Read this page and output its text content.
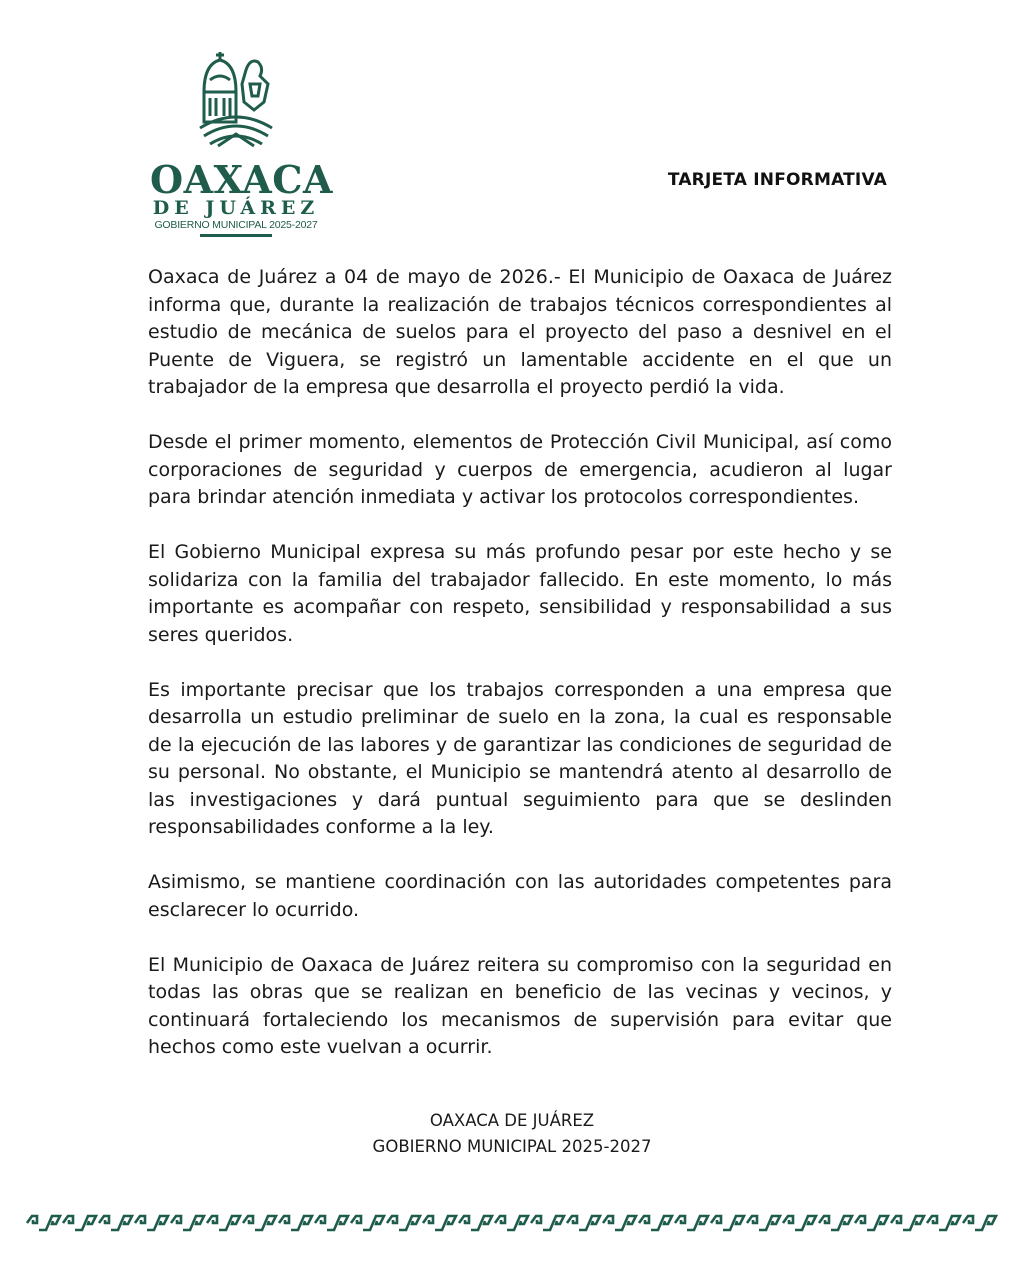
OAXACA
DE JUÁREZ
GOBIERNO MUNICIPAL 2025-2027
TARJETA INFORMATIVA

Oaxaca de Juárez a 04 de mayo de 2026.- El Municipio de Oaxaca de Juárez informa que, durante la realización de trabajos técnicos correspondientes al estudio de mecánica de suelos para el proyecto del paso a desnivel en el Puente de Viguera, se registró un lamentable accidente en el que un trabajador de la empresa que desarrolla el proyecto perdió la vida.

Desde el primer momento, elementos de Protección Civil Municipal, así como corporaciones de seguridad y cuerpos de emergencia, acudieron al lugar para brindar atención inmediata y activar los protocolos correspondientes.

El Gobierno Municipal expresa su más profundo pesar por este hecho y se solidariza con la familia del trabajador fallecido. En este momento, lo más importante es acompañar con respeto, sensibilidad y responsabilidad a sus seres queridos.

Es importante precisar que los trabajos corresponden a una empresa que desarrolla un estudio preliminar de suelo en la zona, la cual es responsable de la ejecución de las labores y de garantizar las condiciones de seguridad de su personal. No obstante, el Municipio se mantendrá atento al desarrollo de las investigaciones y dará puntual seguimiento para que se deslinden responsabilidades conforme a la ley.

Asimismo, se mantiene coordinación con las autoridades competentes para esclarecer lo ocurrido.

El Municipio de Oaxaca de Juárez reitera su compromiso con la seguridad en todas las obras que se realizan en beneficio de las vecinas y vecinos, y continuará fortaleciendo los mecanismos de supervisión para evitar que hechos como este vuelvan a ocurrir.

OAXACA DE JUÁREZ
GOBIERNO MUNICIPAL 2025-2027
